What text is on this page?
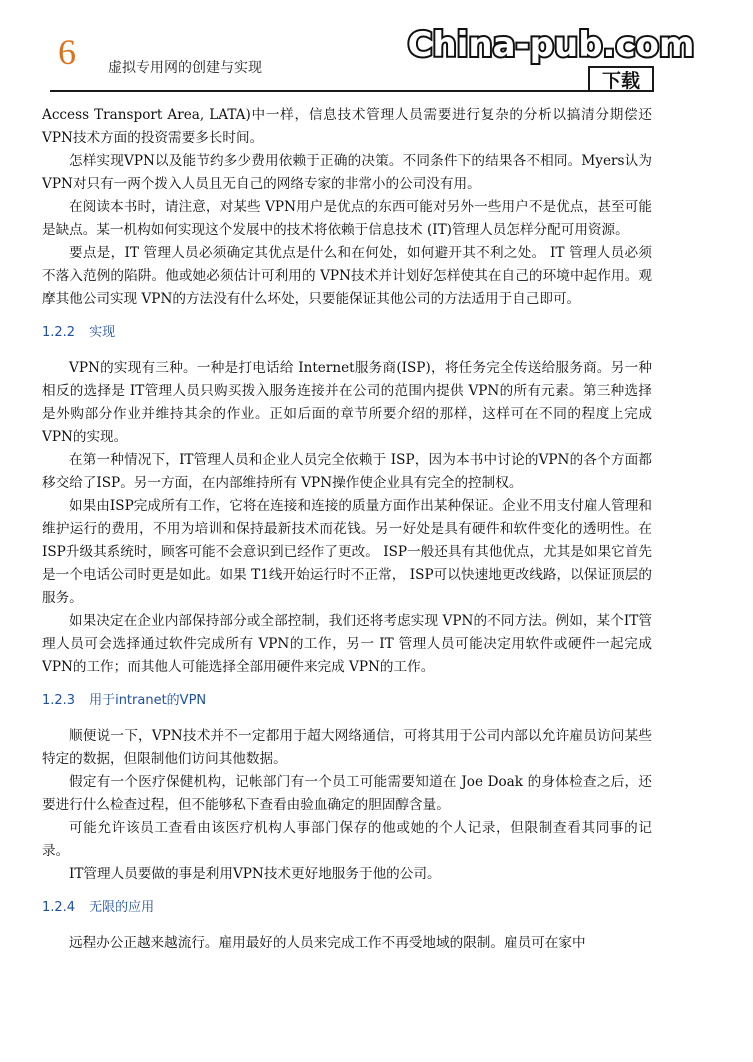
6 虚拟专用网的创建与实现
China-pub.com
下载

Access Transport Area, LATA)中一样，信息技术管理人员需要进行复杂的分析以搞清分期偿还VPN技术方面的投资需要多长时间。

怎样实现VPN以及能节约多少费用依赖于正确的决策。不同条件下的结果各不相同。Myers认为VPN对只有一两个拨入人员且无自己的网络专家的非常小的公司没有用。

在阅读本书时，请注意，对某些 VPN用户是优点的东西可能对另外一些用户不是优点，甚至可能是缺点。某一机构如何实现这个发展中的技术将依赖于信息技术 (IT)管理人员怎样分配可用资源。

要点是，IT 管理人员必须确定其优点是什么和在何处，如何避开其不利之处。 IT 管理人员必须不落入范例的陷阱。他或她必须估计可利用的 VPN技术并计划好怎样使其在自己的环境中起作用。观摩其他公司实现 VPN的方法没有什么坏处，只要能保证其他公司的方法适用于自己即可。

1.2.2 实现

VPN的实现有三种。一种是打电话给 Internet服务商(ISP)，将任务完全传送给服务商。另一种相反的选择是 IT管理人员只购买拨入服务连接并在公司的范围内提供 VPN的所有元素。第三种选择是外购部分作业并维持其余的作业。正如后面的章节所要介绍的那样，这样可在不同的程度上完成VPN的实现。

在第一种情况下，IT管理人员和企业人员完全依赖于 ISP，因为本书中讨论的VPN的各个方面都移交给了ISP。另一方面，在内部维持所有 VPN操作使企业具有完全的控制权。

如果由ISP完成所有工作，它将在连接和连接的质量方面作出某种保证。企业不用支付雇人管理和维护运行的费用，不用为培训和保持最新技术而花钱。另一好处是具有硬件和软件变化的透明性。在 ISP升级其系统时，顾客可能不会意识到已经作了更改。 ISP一般还具有其他优点，尤其是如果它首先是一个电话公司时更是如此。如果 T1线开始运行时不正常， ISP可以快速地更改线路，以保证顶层的服务。

如果决定在企业内部保持部分或全部控制，我们还将考虑实现 VPN的不同方法。例如，某个IT管理人员可会选择通过软件完成所有 VPN的工作，另一 IT 管理人员可能决定用软件或硬件一起完成VPN的工作；而其他人可能选择全部用硬件来完成 VPN的工作。

1.2.3 用于intranet的VPN

顺便说一下，VPN技术并不一定都用于超大网络通信，可将其用于公司内部以允许雇员访问某些特定的数据，但限制他们访问其他数据。

假定有一个医疗保健机构，记帐部门有一个员工可能需要知道在 Joe Doak 的身体检查之后，还要进行什么检查过程，但不能够私下查看由验血确定的胆固醇含量。

可能允许该员工查看由该医疗机构人事部门保存的他或她的个人记录，但限制查看其同事的记录。

IT管理人员要做的事是利用VPN技术更好地服务于他的公司。

1.2.4 无限的应用

远程办公正越来越流行。雇用最好的人员来完成工作不再受地域的限制。雇员可在家中
